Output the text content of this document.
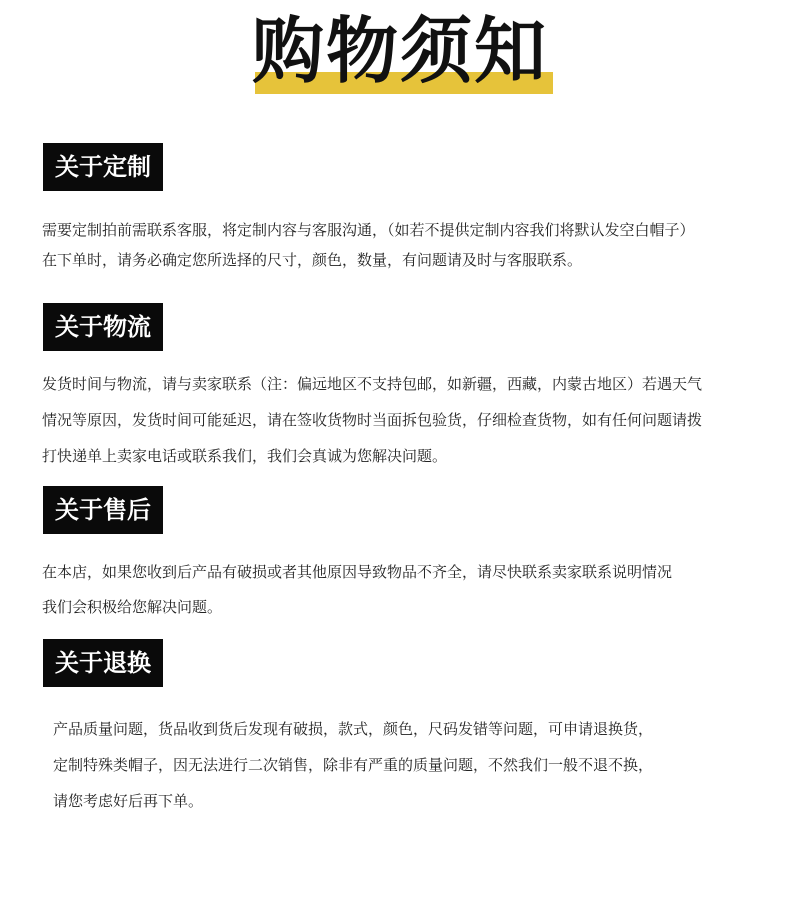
购物须知
关于定制
需要定制拍前需联系客服，将定制内容与客服沟通，（如若不提供定制内容我们将默认发空白帽子）
在下单时，请务必确定您所选择的尺寸，颜色，数量，有问题请及时与客服联系。
关于物流
发货时间与物流，请与卖家联系（注：偏远地区不支持包邮，如新疆，西藏，内蒙古地区）若遇天气
情况等原因，发货时间可能延迟，请在签收货物时当面拆包验货，仔细检查货物，如有任何问题请拨
打快递单上卖家电话或联系我们，我们会真诚为您解决问题。
关于售后
在本店，如果您收到后产品有破损或者其他原因导致物品不齐全，请尽快联系卖家联系说明情况
我们会积极给您解决问题。
关于退换
产品质量问题，货品收到货后发现有破损，款式，颜色，尺码发错等问题，可申请退换货，
定制特殊类帽子，因无法进行二次销售，除非有严重的质量问题，不然我们一般不退不换，
请您考虑好后再下单。
